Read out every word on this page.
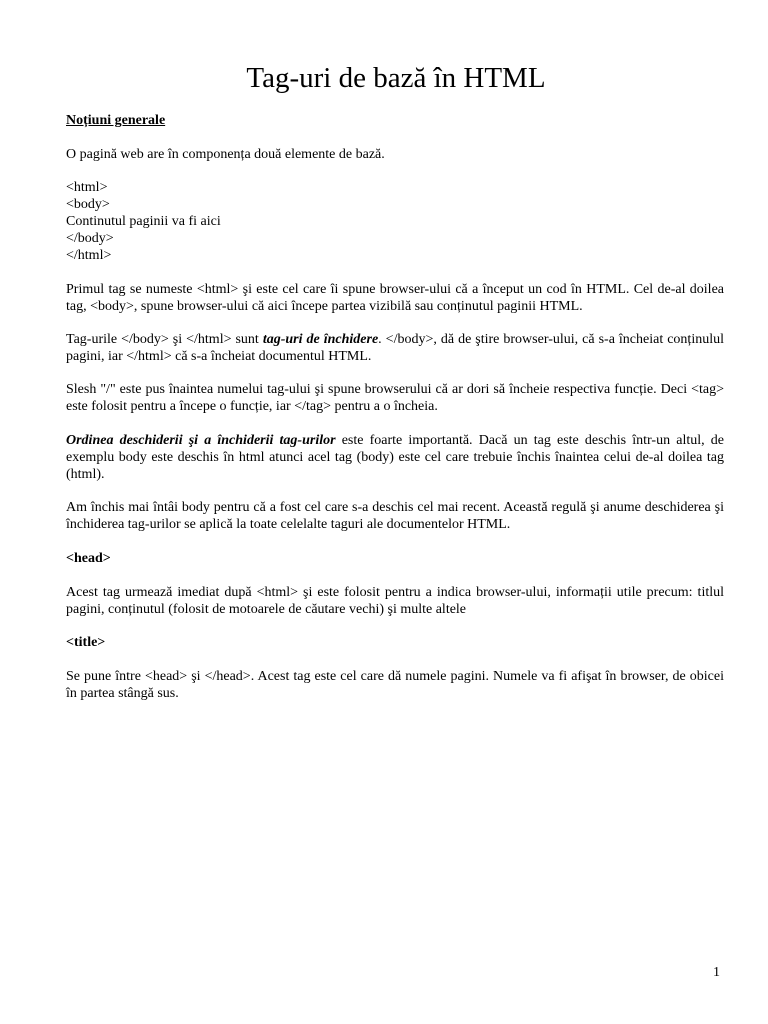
Tag-uri de bază în HTML

Noțiuni generale

O pagină web are în componența două elemente de bază.

<html>
<body>
Continutul paginii va fi aici
</body>
</html>

Primul tag se numeste <html> şi este cel care îi spune browser-ului că a început un cod în HTML. Cel de-al doilea tag, <body>, spune browser-ului că aici începe partea vizibilă sau conținutul paginii HTML.

Tag-urile </body> şi </html> sunt tag-uri de închidere. </body>, dă de ştire browser-ului, că s-a încheiat conținulul pagini, iar </html> că s-a încheiat documentul HTML.

Slesh "/" este pus înaintea numelui tag-ului şi spune browserului că ar dori să încheie respectiva funcție. Deci <tag> este folosit pentru a începe o funcție, iar </tag> pentru a o încheia.

Ordinea deschiderii şi a închiderii tag-urilor este foarte importantă. Dacă un tag este deschis într-un altul, de exemplu body este deschis în html atunci acel tag (body) este cel care trebuie închis înaintea celui de-al doilea tag (html).

Am închis mai întâi body pentru că a fost cel care s-a deschis cel mai recent. Această regulă şi anume deschiderea şi închiderea tag-urilor se aplică la toate celelalte taguri ale documentelor HTML.

<head>

Acest tag urmează imediat după <html> şi este folosit pentru a indica browser-ului, informații utile precum: titlul pagini, conținutul (folosit de motoarele de căutare vechi) şi multe altele

<title>

Se pune între <head> şi </head>. Acest tag este cel care dă numele pagini. Numele va fi afişat în browser, de obicei în partea stângă sus.

1
